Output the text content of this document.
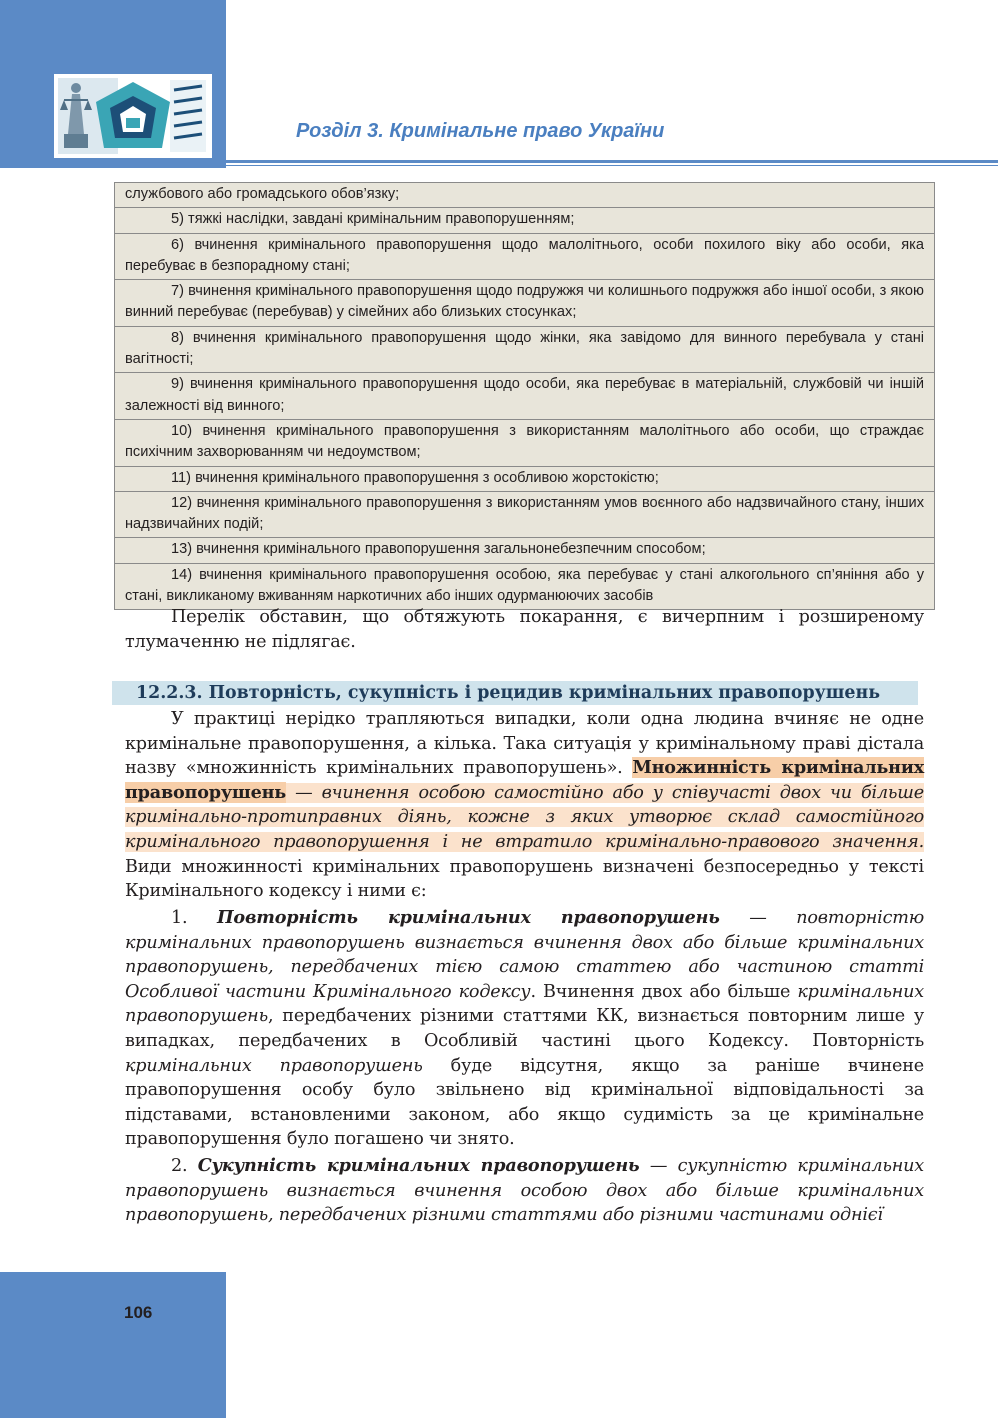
Розділ 3. Кримінальне право України
службового або громадського обов’язку;
5) тяжкі наслідки, завдані кримінальним правопорушенням;
6) вчинення кримінального правопорушення щодо малолітнього, особи похилого віку або особи, яка перебуває в безпорадному стані;
7) вчинення кримінального правопорушення щодо подружжя чи колишнього подружжя або іншої особи, з якою винний перебуває (перебував) у сімейних або близьких стосунках;
8) вчинення кримінального правопорушення щодо жінки, яка завідомо для винного перебувала у стані вагітності;
9) вчинення кримінального правопорушення щодо особи, яка перебуває в матеріальній, службовій чи іншій залежності від винного;
10) вчинення кримінального правопорушення з використанням малолітнього або особи, що страждає психічним захворюванням чи недоумством;
11) вчинення кримінального правопорушення з особливою жорстокістю;
12) вчинення кримінального правопорушення з використанням умов воєнного або надзвичайного стану, інших надзвичайних подій;
13) вчинення кримінального правопорушення загальнонебезпечним способом;
14) вчинення кримінального правопорушення особою, яка перебуває у стані алкогольного сп’яніння або у стані, викликаному вживанням наркотичних або інших одурманюючих засобів

Перелік обставин, що обтяжують покарання, є вичерпним і розширеному тлумаченню не підлягає.

12.2.3. Повторність, сукупність і рецидив кримінальних правопорушень

У практиці нерідко трапляються випадки, коли одна людина вчиняє не одне кримінальне правопорушення, а кілька. Така ситуація у кримінальному праві дістала назву «множинність кримінальних правопорушень». Множинність кримінальних правопорушень — вчинення особою самостійно або у співучасті двох чи більше кримінально-протиправних діянь, кожне з яких утворює склад самостійного кримінального правопорушення і не втратило кримінально-правового значення. Види множинності кримінальних правопорушень визначені безпосередньо у тексті Кримінального кодексу і ними є:

1. Повторність кримінальних правопорушень — повторністю кримінальних правопорушень визнається вчинення двох або більше кримінальних правопорушень, передбачених тією самою статтею або частиною статті Особливої частини Кримінального кодексу. Вчинення двох або більше кримінальних правопорушень, передбачених різними статтями КК, визнається повторним лише у випадках, передбачених в Особливій частині цього Кодексу. Повторність кримінальних правопорушень буде відсутня, якщо за раніше вчинене правопорушення особу було звільнено від кримінальної відповідальності за підставами, встановленими законом, або якщо судимість за це кримінальне правопорушення було погашено чи знято.

2. Сукупність кримінальних правопорушень — сукупністю кримінальних правопорушень визнається вчинення особою двох або більше кримінальних правопорушень, передбачених різними статтями або різними частинами однієї

106
